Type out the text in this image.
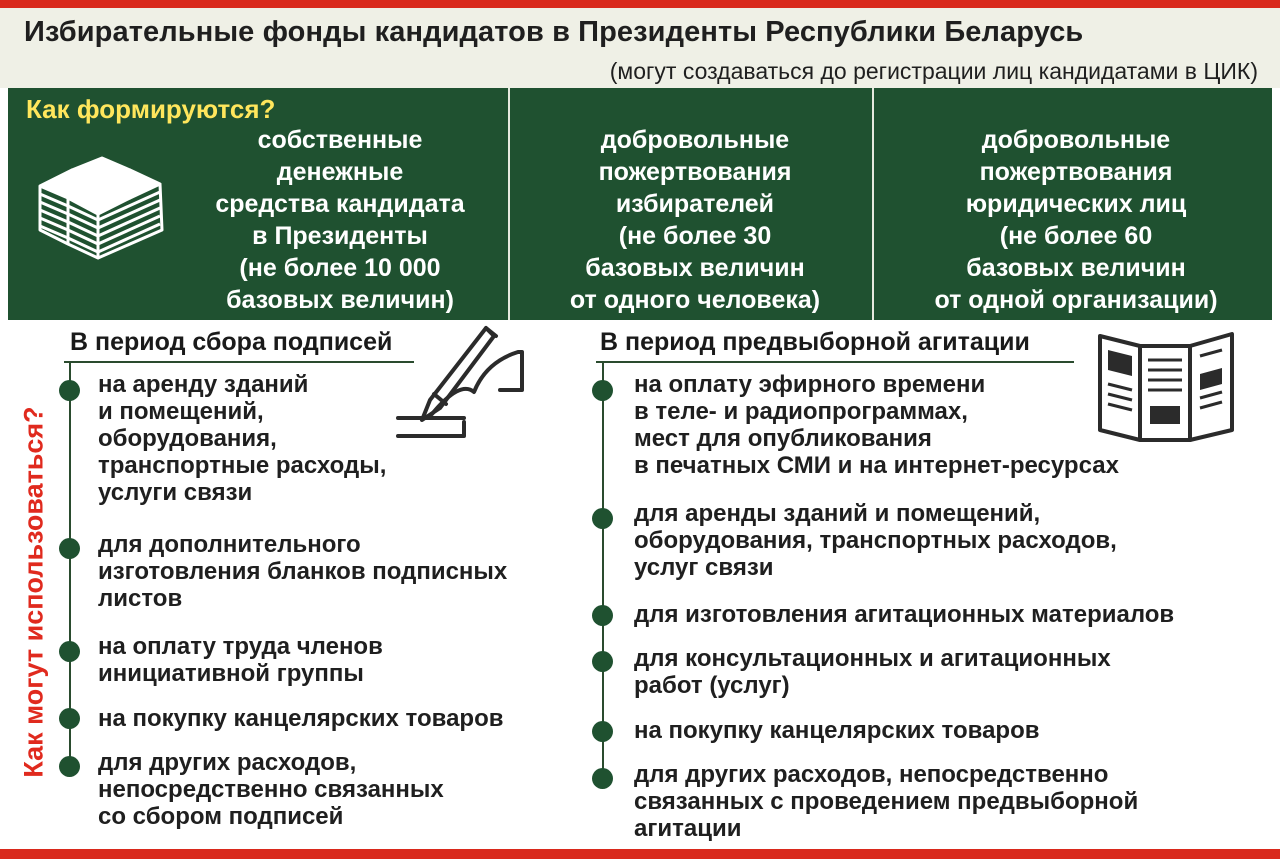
Избирательные фонды кандидатов в Президенты Республики Беларусь
(могут создаваться до регистрации лиц кандидатами в ЦИК)
Как формируются?
собственные
денежные
средства кандидата
в Президенты
(не более 10 000
базовых величин)
добровольные
пожертвования
избирателей
(не более 30
базовых величин
от одного человека)
добровольные
пожертвования
юридических лиц
(не более 60
базовых величин
от одной организации)
Как могут использоваться?
В период сбора подписей
на аренду зданий
и помещений,
оборудования,
транспортные расходы,
услуги связи
для дополнительного
изготовления бланков подписных
листов
на оплату труда членов
инициативной группы
на покупку канцелярских товаров
для других расходов,
непосредственно связанных
со сбором подписей
В период предвыборной агитации
на оплату эфирного времени
в теле- и радиопрограммах,
мест для опубликования
в печатных СМИ и на интернет-ресурсах
для аренды зданий и помещений,
оборудования, транспортных расходов,
услуг связи
для изготовления агитационных материалов
для консультационных и агитационных
работ (услуг)
на покупку канцелярских товаров
для других расходов, непосредственно
связанных с проведением предвыборной
агитации
